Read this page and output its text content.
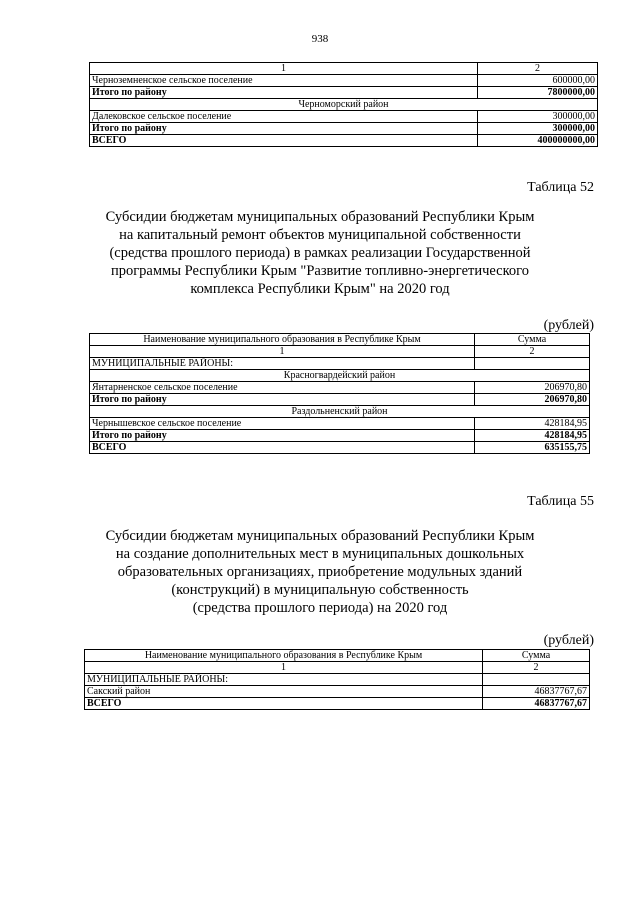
938
1	2
Черноземненское сельское поселение	600000,00
Итого по району	7800000,00
Черноморский район	
Далековское сельское поселение	300000,00
Итого по району	300000,00
ВСЕГО	400000000,00
Таблица 52
Субсидии бюджетам муниципальных образований Республики Крым
на капитальный ремонт объектов муниципальной собственности
(средства прошлого периода) в рамках реализации Государственной
программы Республики Крым "Развитие топливно-энергетического
комплекса Республики Крым" на 2020 год
(рублей)
Наименование муниципального образования в Республике Крым	Сумма
1	2
МУНИЦИПАЛЬНЫЕ РАЙОНЫ:	
Красногвардейский район	
Янтарненское сельское поселение	206970,80
Итого по району	206970,80
Раздольненский район	
Чернышевское сельское поселение	428184,95
Итого по району	428184,95
ВСЕГО	635155,75
Таблица 55
Субсидии бюджетам муниципальных образований Республики Крым
на создание дополнительных мест в муниципальных дошкольных
образовательных организациях, приобретение модульных зданий
(конструкций) в муниципальную собственность
(средства прошлого периода) на 2020 год
(рублей)
Наименование муниципального образования в Республике Крым	Сумма
1	2
МУНИЦИПАЛЬНЫЕ РАЙОНЫ:	
Сакский район	46837767,67
ВСЕГО	46837767,67
